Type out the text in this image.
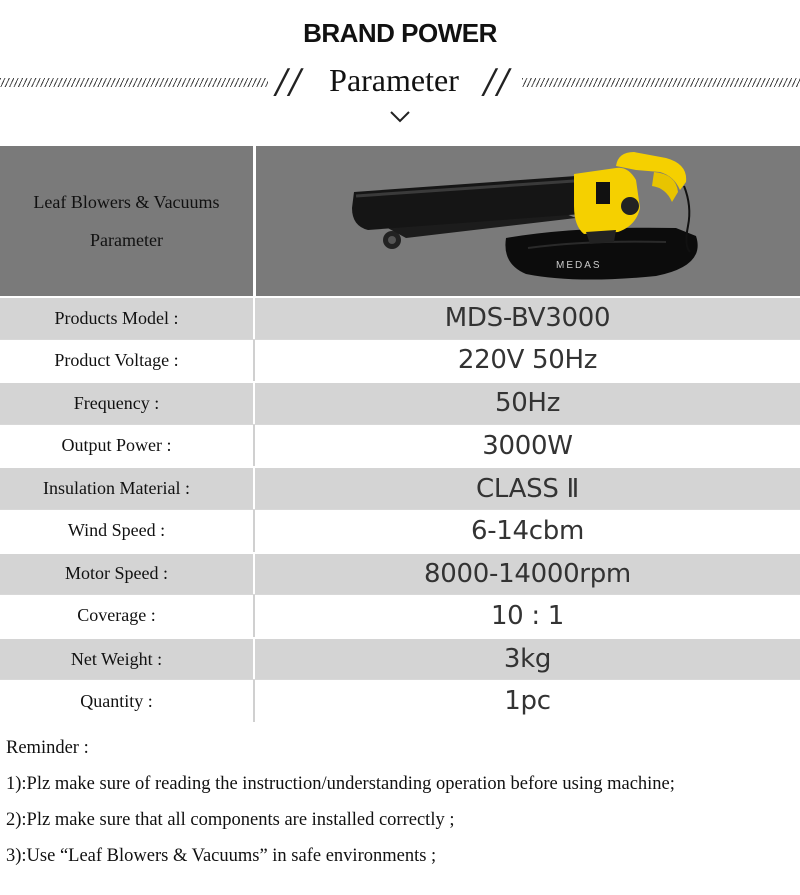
BRAND POWER
// Parameter //
Leaf Blowers & Vacuums
Parameter
MEDAS
Products Model :	MDS-BV3000
Product Voltage :	220V 50Hz
Frequency :	50Hz
Output Power :	3000W
Insulation Material :	CLASS Ⅱ
Wind Speed :	6-14cbm
Motor Speed :	8000-14000rpm
Coverage :	10 : 1
Net Weight :	3kg
Quantity :	1pc
Reminder :
1):Plz make sure of reading the instruction/understanding operation before using machine;
2):Plz make sure that all components are installed correctly ;
3):Use “Leaf Blowers & Vacuums” in safe environments ;
